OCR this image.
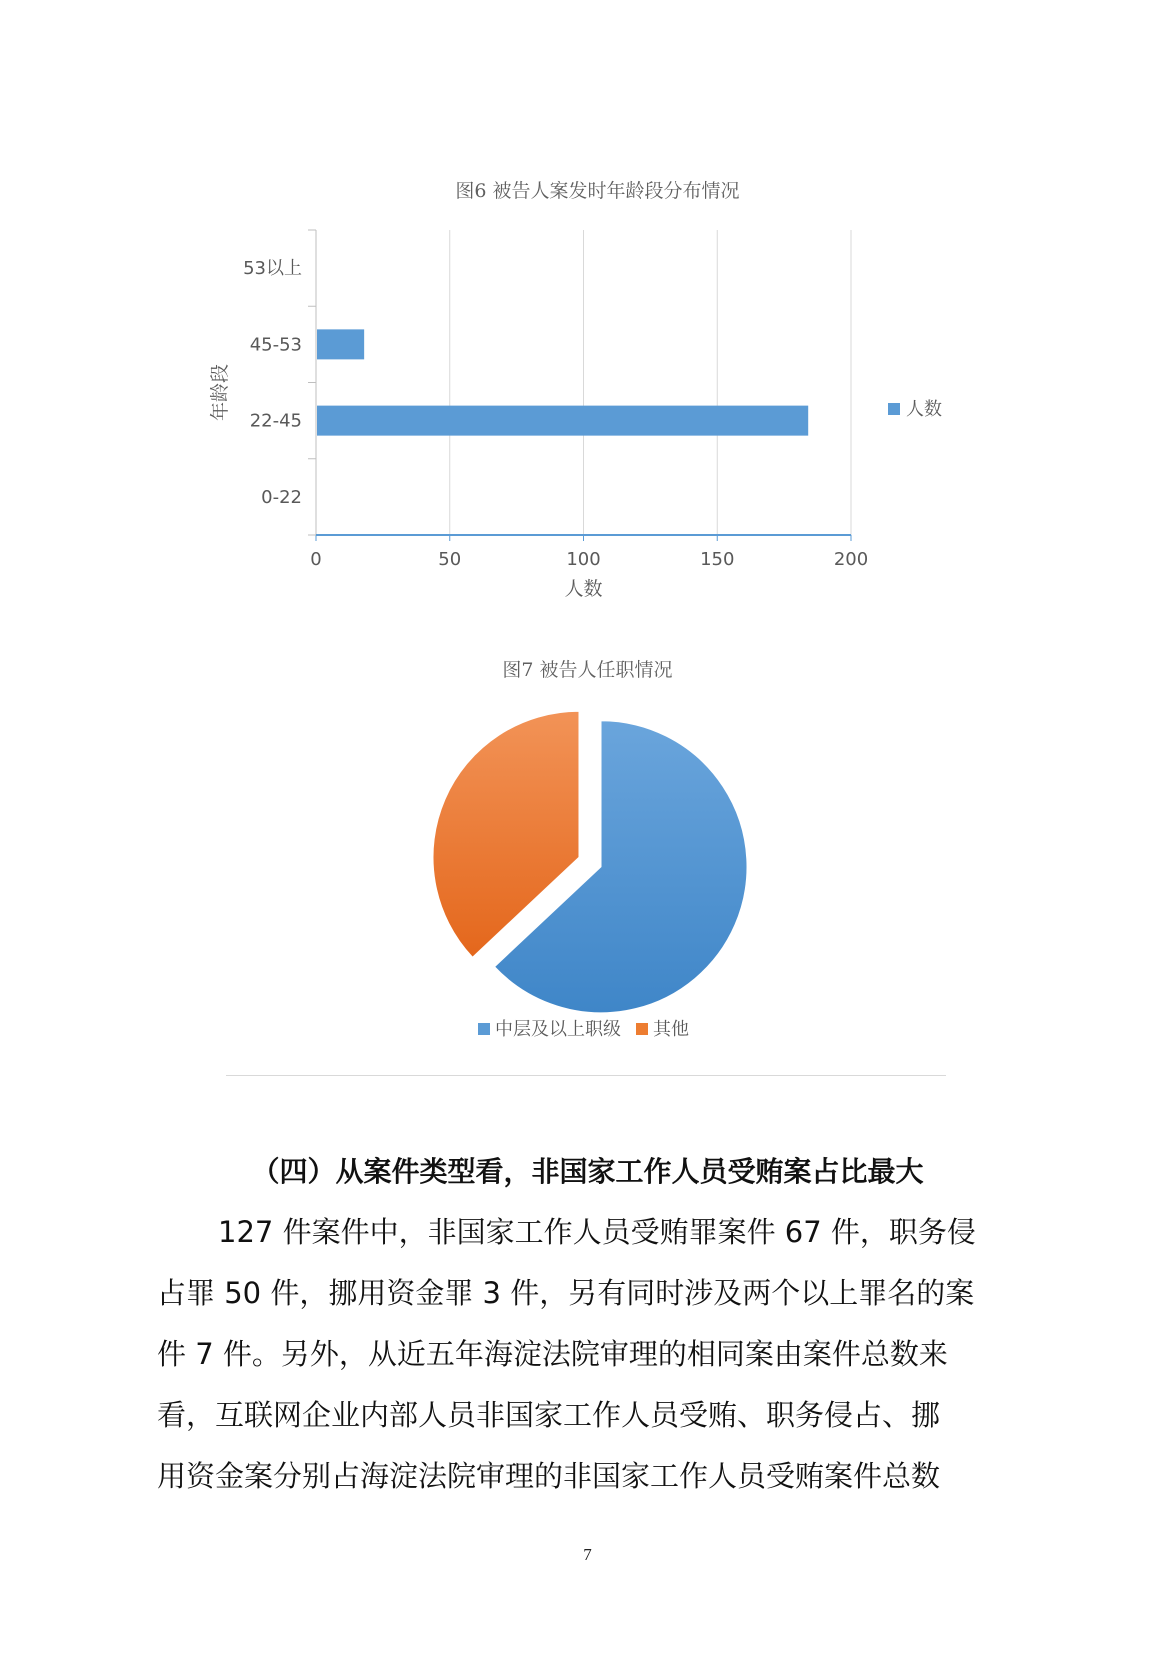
图6 被告人案发时年龄段分布情况
0	50	100	150	200
0-22
22-45
45-53
53以上
人数
年龄段	人数
图7 被告人任职情况
中层及以上职级 其他
（四）从案件类型看，非国家工作人员受贿案占比最大
127 件案件中，非国家工作人员受贿罪案件 67 件，职务侵
占罪 50 件，挪用资金罪 3 件，另有同时涉及两个以上罪名的案
件 7 件。另外，从近五年海淀法院审理的相同案由案件总数来
看，互联网企业内部人员非国家工作人员受贿、职务侵占、挪
用资金案分别占海淀法院审理的非国家工作人员受贿案件总数
7
